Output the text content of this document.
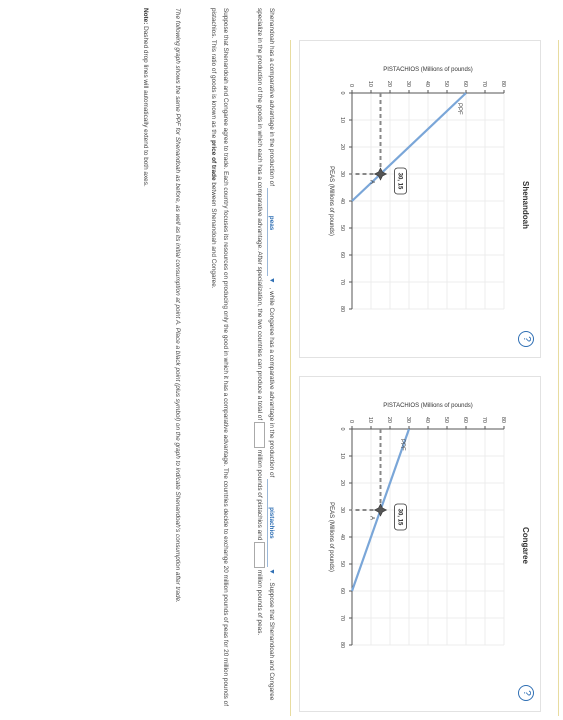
?
Shenandoah
0 10 20 30 40 50 60 70 80
0
10
20
30
40
50
60
70
80
PEAS (Millions of pounds)
PISTACHIOS (Millions of pounds)
PPF
A	30, 15
?
Congaree
0 10 20 30 40 50 60 70 80
0
10
20
30
40
50
60
70
80
PEAS (Millions of pounds)
PISTACHIOS (Millions of pounds)
PPF
A	30, 15
Shenandoah has a comparative advantage in the production of
peas
▼
, while Congaree has a comparative advantage in the production of
pistachios
▼
. Suppose that Shenandoah and Congaree specialize in the production of the goods in which each has a comparative advantage. After specialization, the two countries can produce a total of  million pounds of pistachios and  million pounds of peas.
Suppose that Shenandoah and Congaree agree to trade. Each country focuses its resources on producing only the good in which it has a comparative advantage. The countries decide to exchange 20 million pounds of peas for 20 million pounds of pistachios. This ratio of goods is known as the price of trade between Shenandoah and Congaree.
The following graph shows the same PPF for Shenandoah as before, as well as its initial consumption at point A. Place a black point (plus symbol) on the graph to indicate Shenandoah's consumption after trade.
Note: Dashed drop lines will automatically extend to both axes.
